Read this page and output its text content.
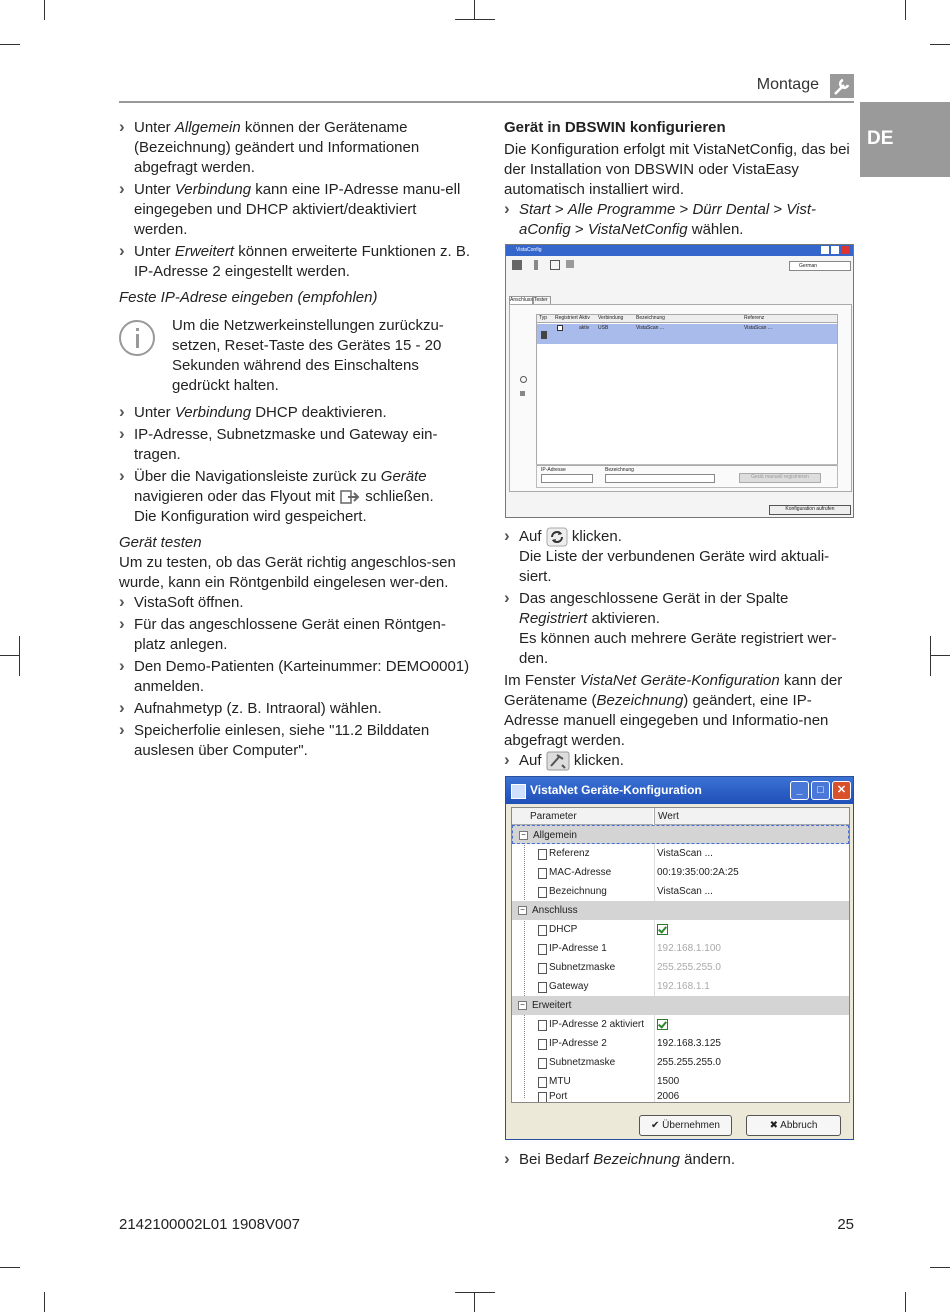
Montage
DE

› Unter Allgemein können der Gerätename (Bezeichnung) geändert und Informationen abgefragt werden.

› Unter Verbindung kann eine IP-Adresse manu-ell eingegeben und DHCP aktiviert/deaktiviert werden.

› Unter Erweitert können erweiterte Funktionen z. B. IP-Adresse 2 eingestellt werden.

Feste IP-Adrese eingeben (empfohlen)

Um die Netzwerkeinstellungen zurückzu-setzen, Reset-Taste des Gerätes 15 - 20 Sekunden während des Einschaltens gedrückt halten.

› Unter Verbindung DHCP deaktivieren.

› IP-Adresse, Subnetzmaske und Gateway ein-tragen.

› Über die Navigationsleiste zurück zu Geräte navigieren oder das Flyout mit  schließen.
Die Konfiguration wird gespeichert.

Gerät testen

Um zu testen, ob das Gerät richtig angeschlos-sen wurde, kann ein Röntgenbild eingelesen wer-den.

› VistaSoft öffnen.

› Für das angeschlossene Gerät einen Röntgen-platz anlegen.

› Den Demo-Patienten (Karteinummer: DEMO0001) anmelden.

› Aufnahmetyp (z. B. Intraoral) wählen.

› Speicherfolie einlesen, siehe "11.2 Bilddaten auslesen über Computer".

Gerät in DBSWIN konfigurieren

Die Konfiguration erfolgt mit VistaNetConfig, das bei der Installation von DBSWIN oder VistaEasy automatisch installiert wird.

› Start > Alle Programme > Dürr Dental > Vist-aConfig > VistaNetConfig wählen.

VistaConfig
German
Anschluss Tester
Typ Registriert Aktiv Verbindung	Bezeichnung	Referenz
aktiv USB	VistaScan ...	VistaScan ...
IP-Adresse	Bezeichnung
Gerät manuell registrieren
Konfiguration aufrufen

› Auf  klicken.
Die Liste der verbundenen Geräte wird aktuali-siert.

› Das angeschlossene Gerät in der Spalte Registriert aktivieren.
Es können auch mehrere Geräte registriert wer-den.

Im Fenster VistaNet Geräte-Konfiguration kann der Gerätename (Bezeichnung) geändert, eine IP-Adresse manuell eingegeben und Informatio-nen abgefragt werden.

› Auf  klicken.

VistaNet Geräte-Konfiguration	_	□	✕
Parameter	Wert
− Allgemein
Referenz	VistaScan ...
MAC-Adresse	00:19:35:00:2A:25
Bezeichnung	VistaScan ...
− Anschluss
DHCP
IP-Adresse 1	192.168.1.100
Subnetzmaske	255.255.255.0
Gateway	192.168.1.1
− Erweitert
IP-Adresse 2 aktiviert
IP-Adresse 2	192.168.3.125
Subnetzmaske	255.255.255.0
MTU	1500
Port	2006
✔ Übernehmen	✖ Abbruch

› Bei Bedarf Bezeichnung ändern.

2142100002L01 1908V007	25
